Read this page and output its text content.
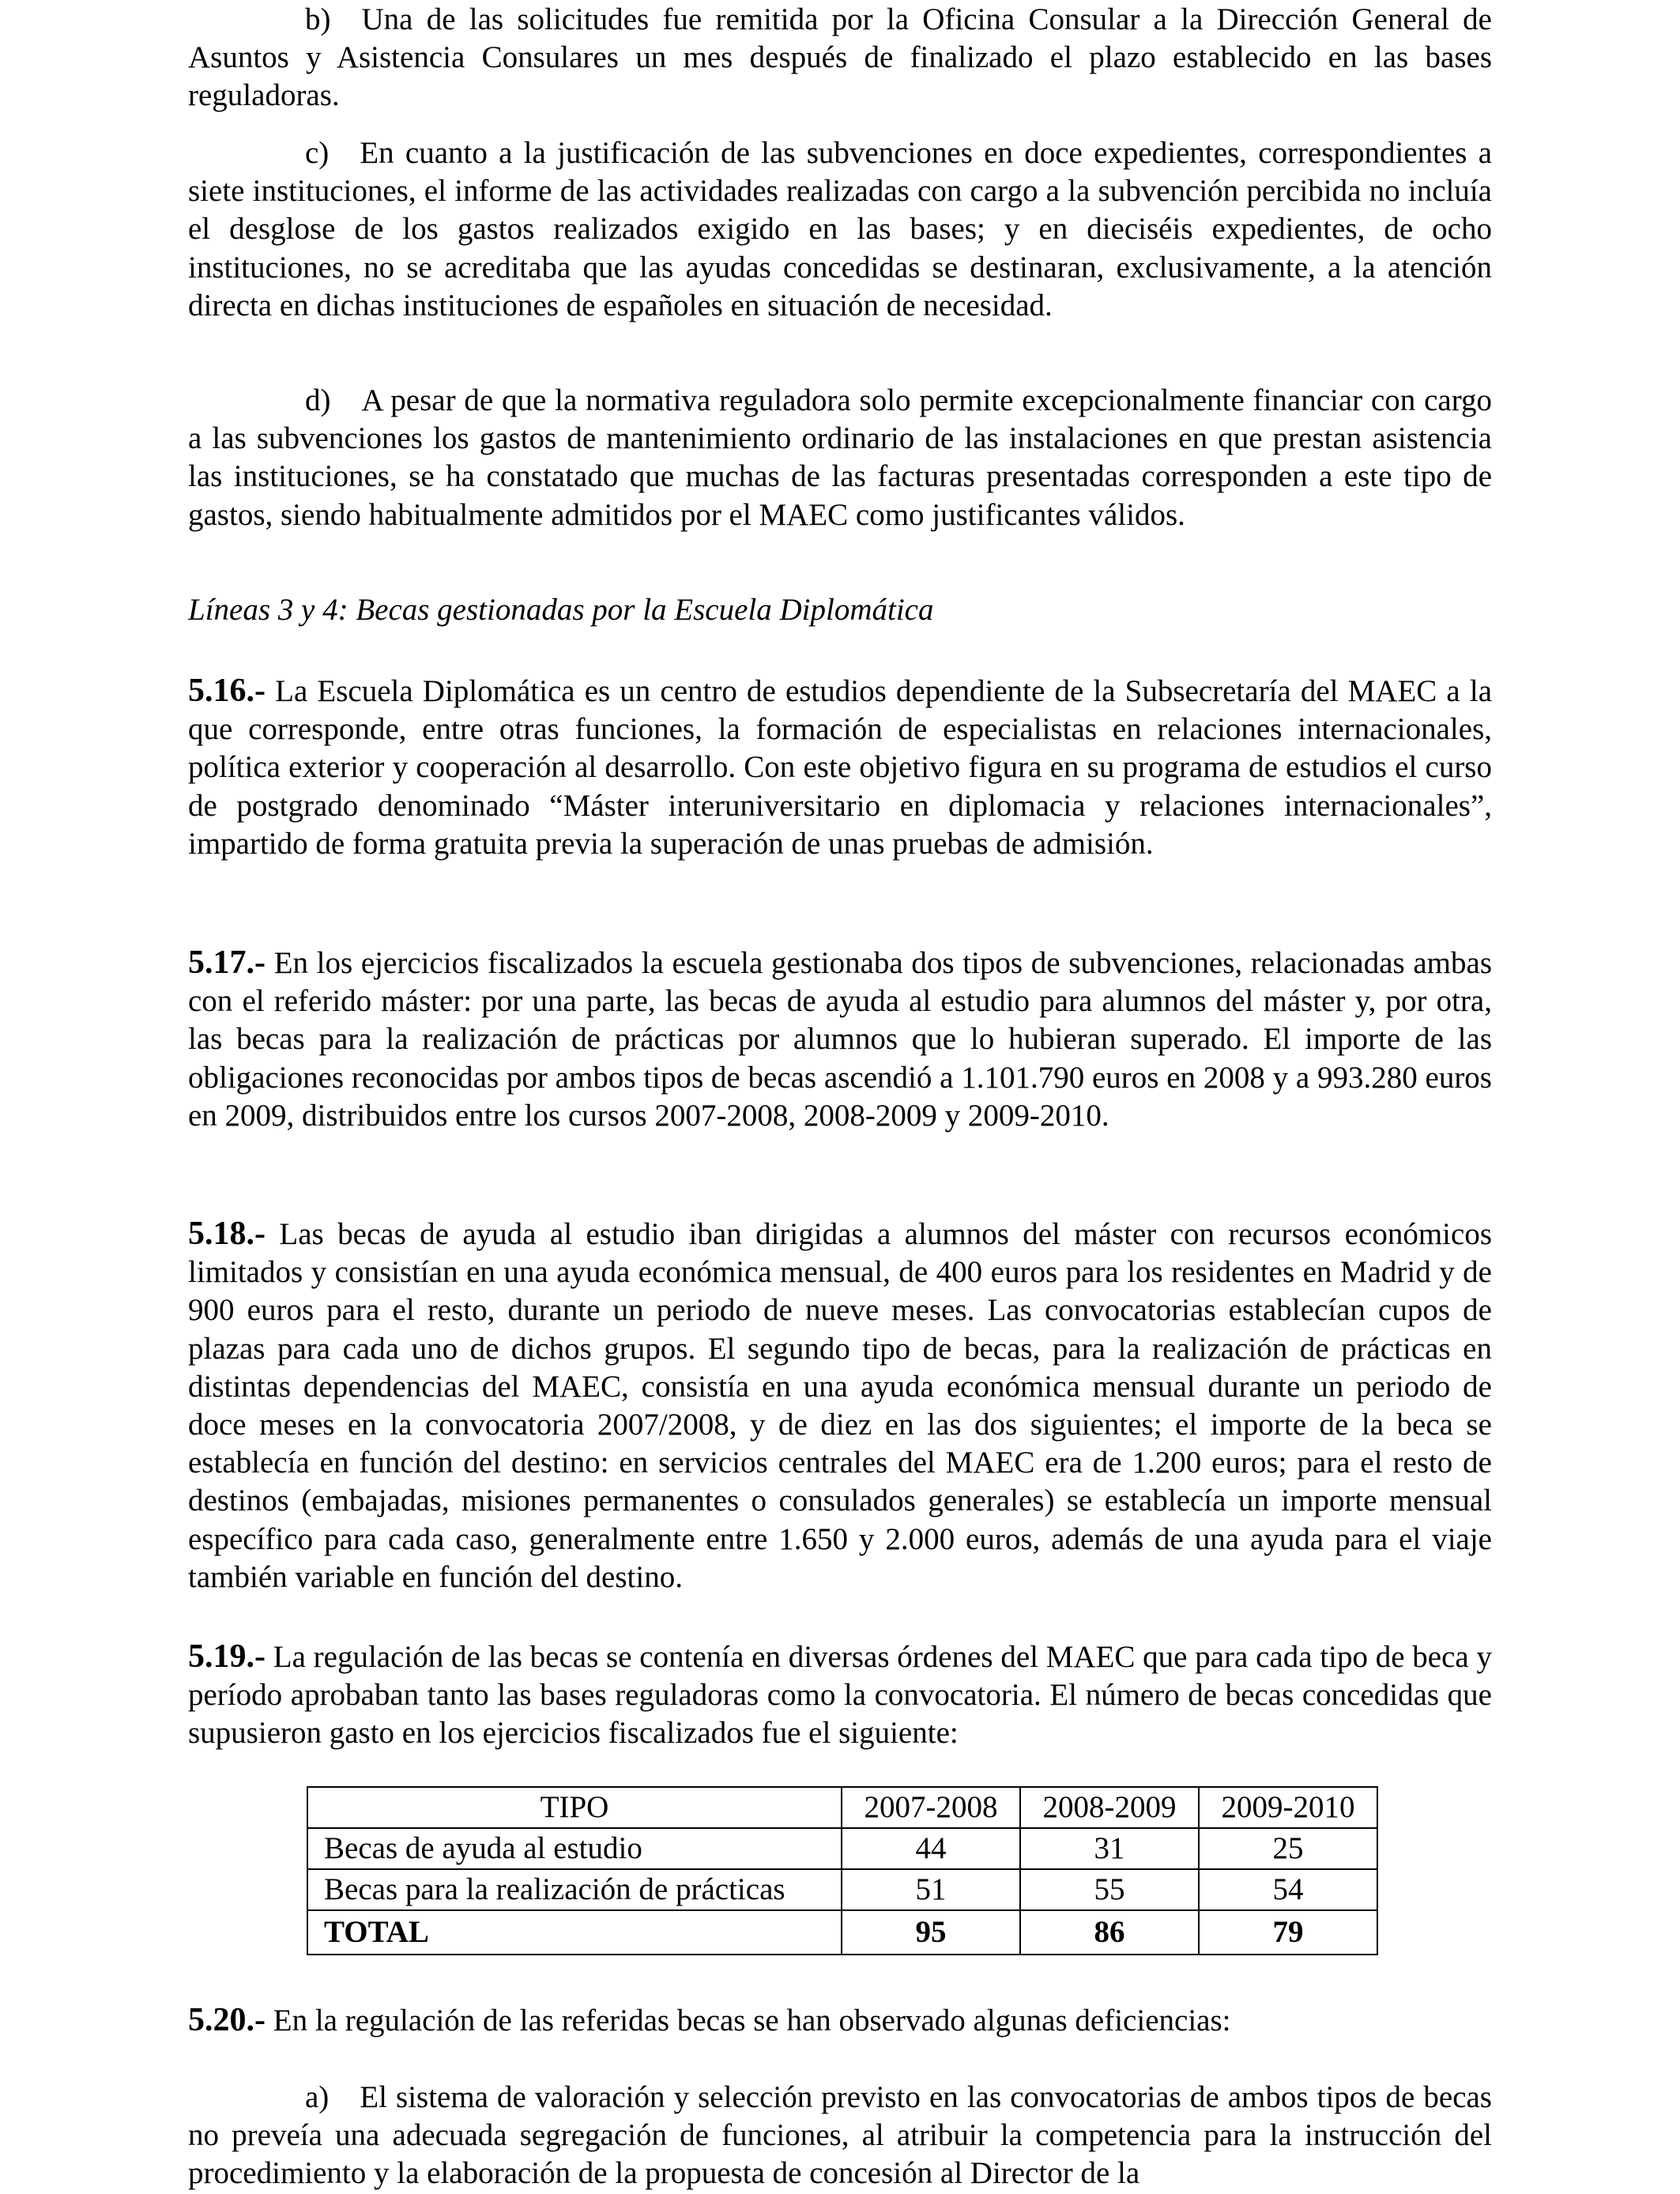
b) Una de las solicitudes fue remitida por la Oficina Consular a la Dirección General de Asuntos y Asistencia Consulares un mes después de finalizado el plazo establecido en las bases reguladoras.

c) En cuanto a la justificación de las subvenciones en doce expedientes, correspondientes a siete instituciones, el informe de las actividades realizadas con cargo a la subvención percibida no incluía el desglose de los gastos realizados exigido en las bases; y en dieciséis expedientes, de ocho instituciones, no se acreditaba que las ayudas concedidas se destinaran, exclusivamente, a la atención directa en dichas instituciones de españoles en situación de necesidad.

d) A pesar de que la normativa reguladora solo permite excepcionalmente financiar con cargo a las subvenciones los gastos de mantenimiento ordinario de las instalaciones en que prestan asistencia las instituciones, se ha constatado que muchas de las facturas presentadas corresponden a este tipo de gastos, siendo habitualmente admitidos por el MAEC como justificantes válidos.

Líneas 3 y 4: Becas gestionadas por la Escuela Diplomática

5.16.- La Escuela Diplomática es un centro de estudios dependiente de la Subsecretaría del MAEC a la que corresponde, entre otras funciones, la formación de especialistas en relaciones internacionales, política exterior y cooperación al desarrollo. Con este objetivo figura en su programa de estudios el curso de postgrado denominado “Máster interuniversitario en diplomacia y relaciones internacionales”, impartido de forma gratuita previa la superación de unas pruebas de admisión.

5.17.- En los ejercicios fiscalizados la escuela gestionaba dos tipos de subvenciones, relacionadas ambas con el referido máster: por una parte, las becas de ayuda al estudio para alumnos del máster y, por otra, las becas para la realización de prácticas por alumnos que lo hubieran superado. El importe de las obligaciones reconocidas por ambos tipos de becas ascendió a 1.101.790 euros en 2008 y a 993.280 euros en 2009, distribuidos entre los cursos 2007-2008, 2008-2009 y 2009-2010.

5.18.- Las becas de ayuda al estudio iban dirigidas a alumnos del máster con recursos económicos limitados y consistían en una ayuda económica mensual, de 400 euros para los residentes en Madrid y de 900 euros para el resto, durante un periodo de nueve meses. Las convocatorias establecían cupos de plazas para cada uno de dichos grupos. El segundo tipo de becas, para la realización de prácticas en distintas dependencias del MAEC, consistía en una ayuda económica mensual durante un periodo de doce meses en la convocatoria 2007/2008, y de diez en las dos siguientes; el importe de la beca se establecía en función del destino: en servicios centrales del MAEC era de 1.200 euros; para el resto de destinos (embajadas, misiones permanentes o consulados generales) se establecía un importe mensual específico para cada caso, generalmente entre 1.650 y 2.000 euros, además de una ayuda para el viaje también variable en función del destino.

5.19.- La regulación de las becas se contenía en diversas órdenes del MAEC que para cada tipo de beca y período aprobaban tanto las bases reguladoras como la convocatoria. El número de becas concedidas que supusieron gasto en los ejercicios fiscalizados fue el siguiente:

TIPO	2007-2008	2008-2009	2009-2010
Becas de ayuda al estudio	44	31	25
Becas para la realización de prácticas	51	55	54
TOTAL	95	86	79

5.20.- En la regulación de las referidas becas se han observado algunas deficiencias:

a) El sistema de valoración y selección previsto en las convocatorias de ambos tipos de becas no preveía una adecuada segregación de funciones, al atribuir la competencia para la instrucción del procedimiento y la elaboración de la propuesta de concesión al Director de la
